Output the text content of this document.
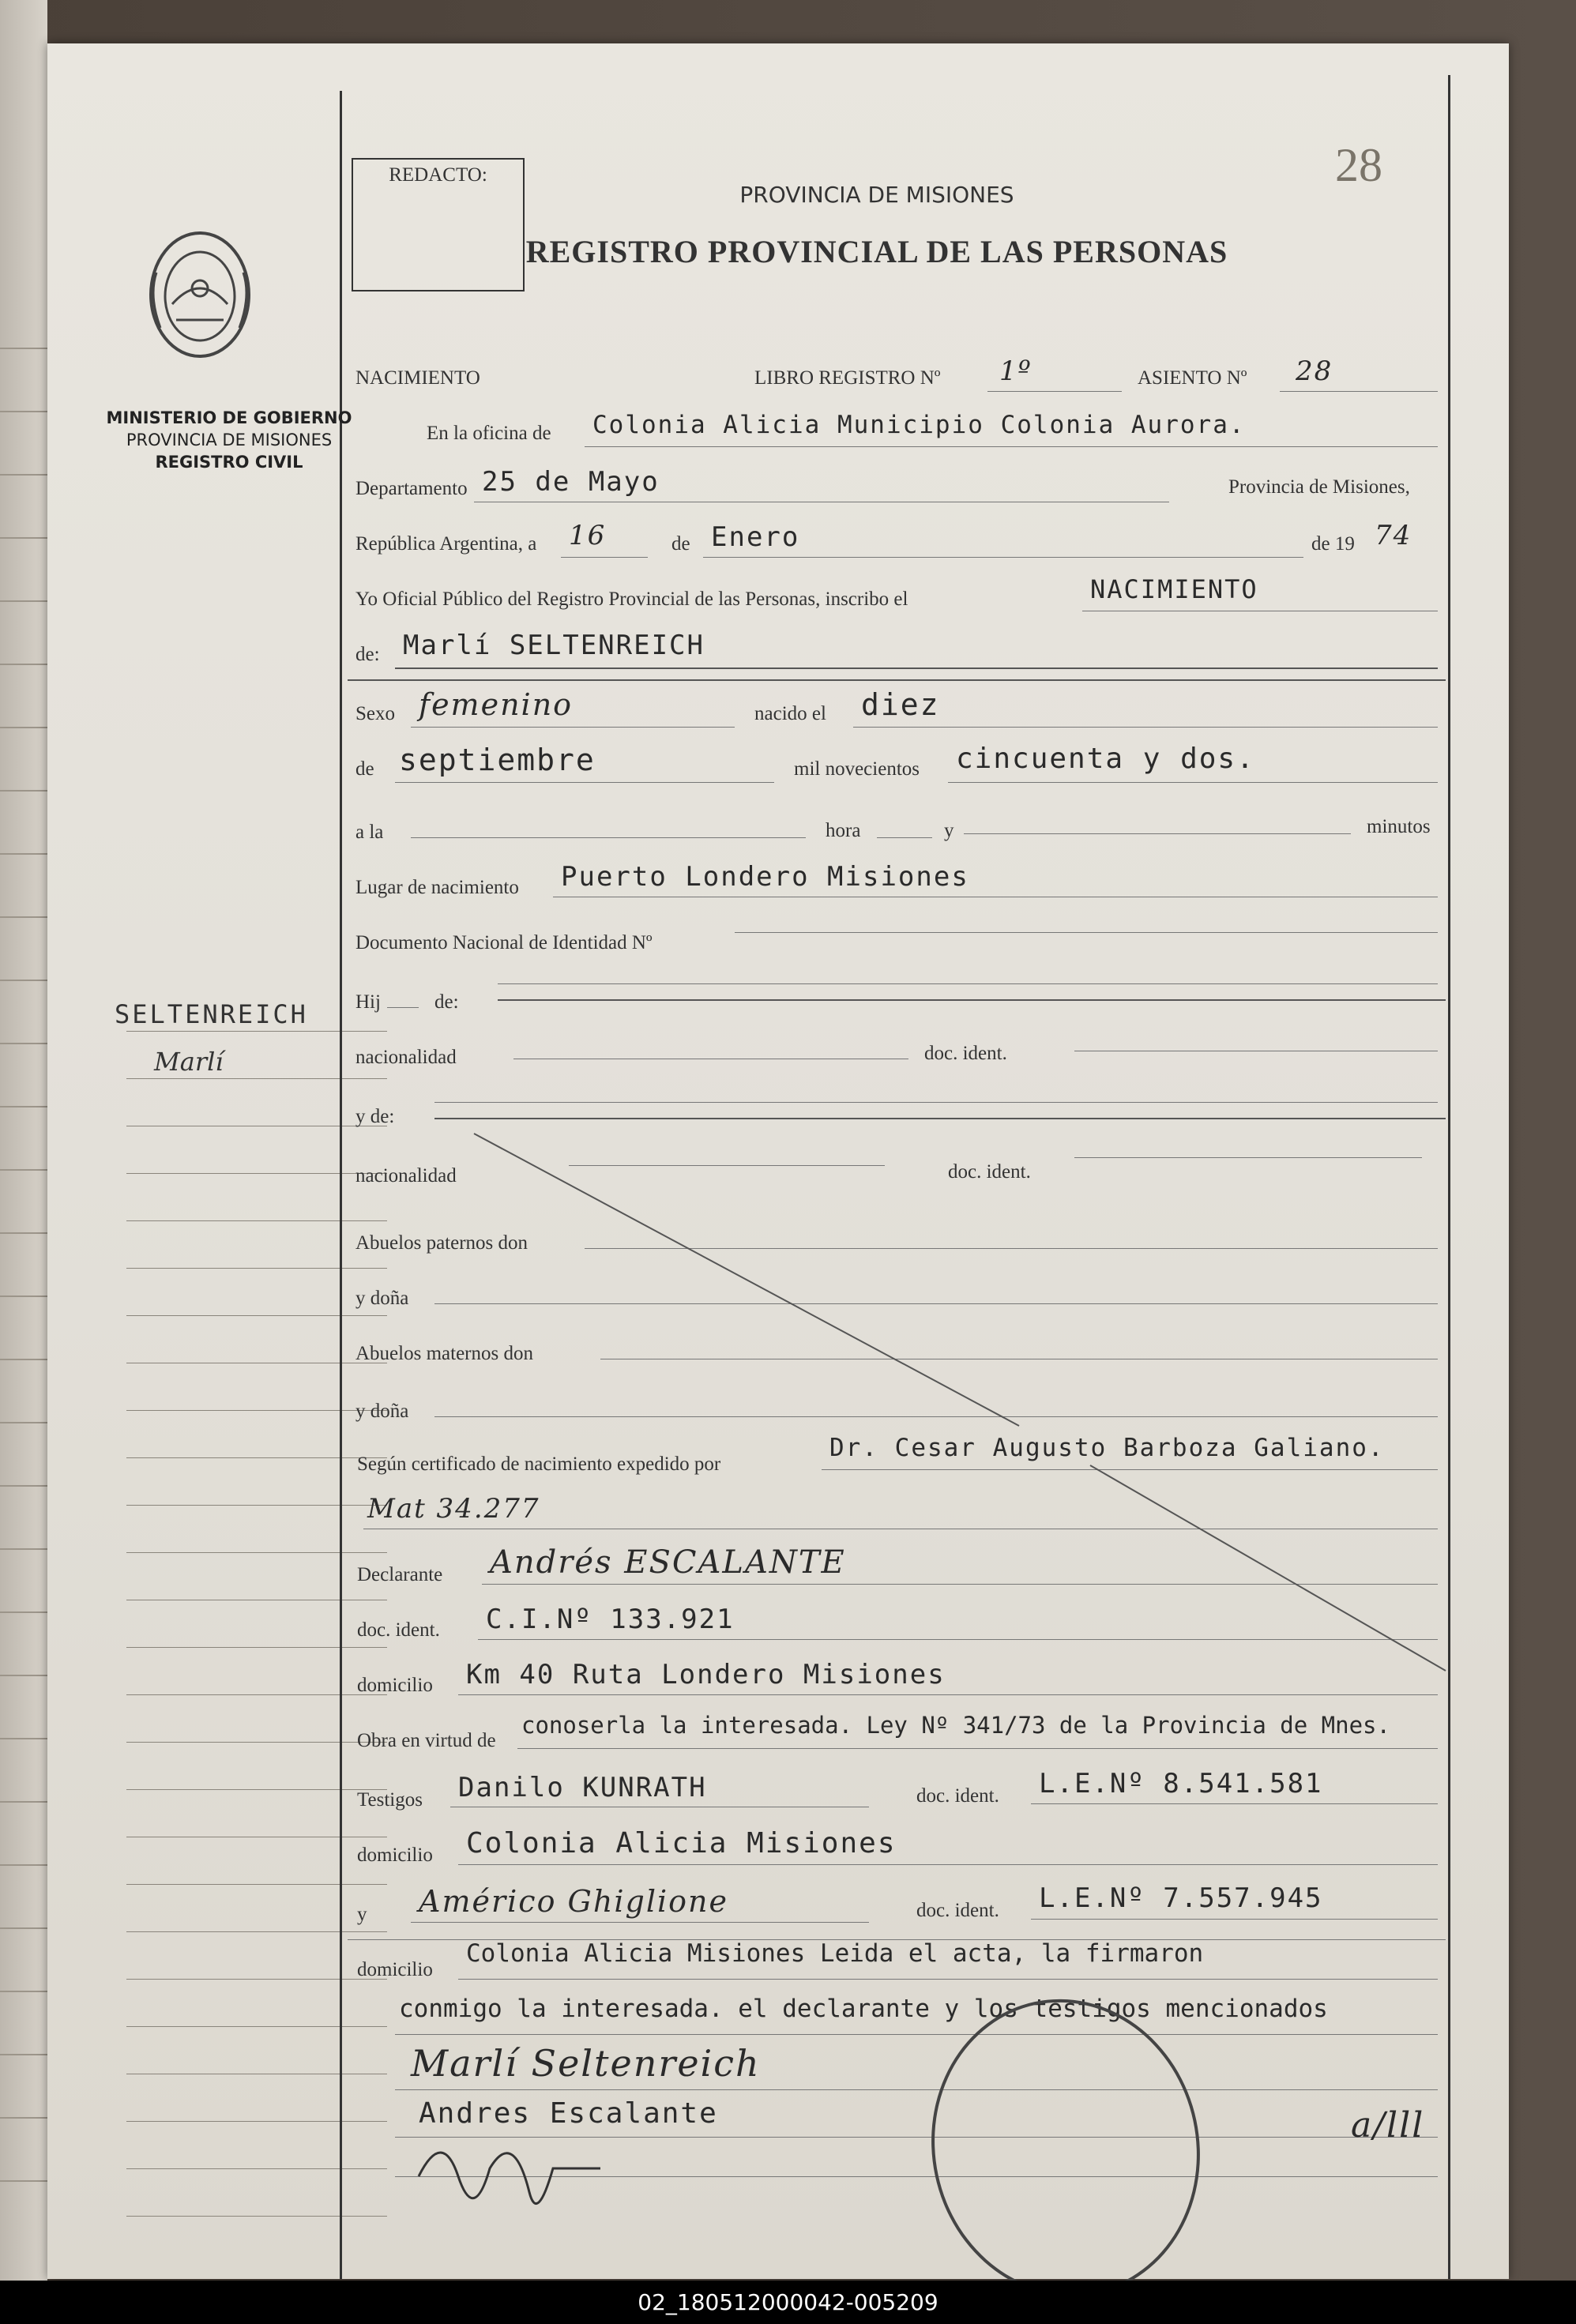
MINISTERIO DE GOBIERNO
PROVINCIA DE MISIONES
REGISTRO CIVIL
REDACTO:	28
PROVINCIA DE MISIONES
REGISTRO PROVINCIAL DE LAS PERSONAS
NACIMIENTO	LIBRO REGISTRO Nº 1º	ASIENTO Nº 28
En la oficina de Colonia Alicia Municipio Colonia Aurora.
Departamento 25 de Mayo	Provincia de Misiones,
República Argentina, a 16	de Enero	de 19 74
Yo Oficial Público del Registro Provincial de las Personas, inscribo el	NACIMIENTO
de: Marlí SELTENREICH
Sexo femenino	nacido el diez
de septiembre	mil novecientos cincuenta y dos.
a la	hora	y	minutos
Lugar de nacimiento Puerto Londero Misiones
Documento Nacional de Identidad Nº
Hij	de:
nacionalidad	doc. ident.
y de:
nacionalidad	doc. ident.
Abuelos paternos don
y doña
Abuelos maternos don
y doña
Según certificado de nacimiento expedido por
Dr. Cesar Augusto Barboza Galiano.
Mat 34.277
Declarante Andrés ESCALANTE
doc. ident. C.I.Nº 133.921
domicilio Km 40 Ruta Londero Misiones
Obra en virtud de
conoserla la interesada. Ley Nº 341/73 de la Provincia de Mnes.
Testigos Danilo KUNRATH	doc. ident. L.E.Nº 8.541.581
domicilio Colonia Alicia Misiones
y Américo Ghiglione	doc. ident. L.E.Nº 7.557.945
domicilio
Colonia Alicia Misiones Leida el acta, la firmaron
conmigo la interesada. el declarante y los testigos mencionados
Marlí Seltenreich
Andres Escalante	a/lll
SELTENREICH
Marlí
02_180512000042-005209
